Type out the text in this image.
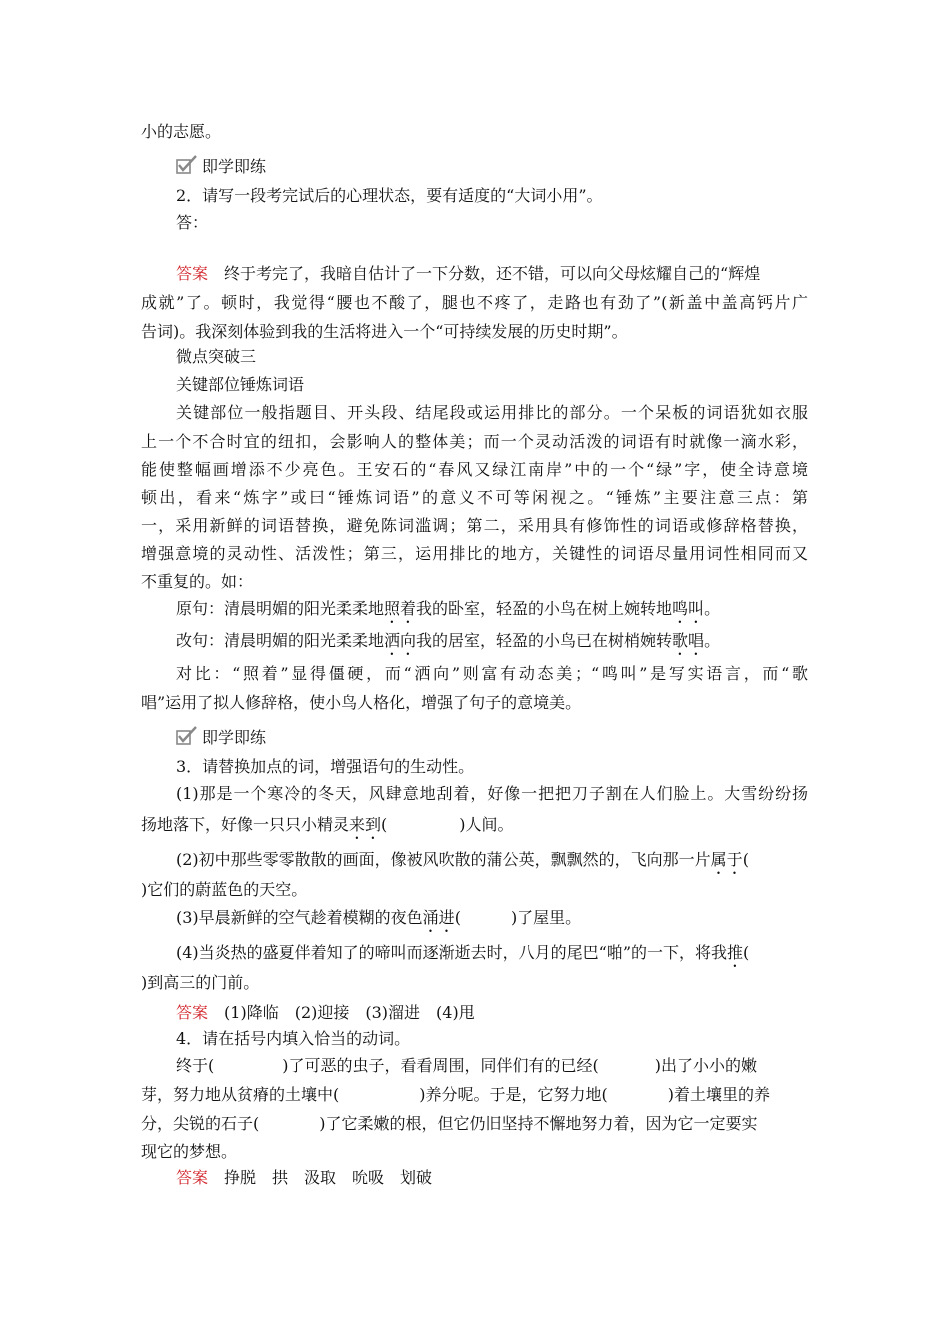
小的志愿。
即学即练
2．请写一段考完试后的心理状态，要有适度的“大词小用”。
答：
答案　 终于考完了，我暗自估计了一下分数，还不错，可以向父母炫耀自己的“辉煌
成就”了。顿时，我觉得“腰也不酸了，腿也不疼了，走路也有劲了”(新盖中盖高钙片广
告词)。我深刻体验到我的生活将进入一个“可持续发展的历史时期”。
微点突破三
关键部位锤炼词语
关键部位一般指题目、开头段、结尾段或运用排比的部分。一个呆板的词语犹如衣服
上一个不合时宜的纽扣，会影响人的整体美；而一个灵动活泼的词语有时就像一滴水彩，
能使整幅画增添不少亮色。王安石的“春风又绿江南岸”中的一个“绿”字，使全诗意境
顿出，看来“炼字”或曰“锤炼词语”的意义不可等闲视之。“锤炼”主要注意三点：第
一，采用新鲜的词语替换，避免陈词滥调；第二，采用具有修饰性的词语或修辞格替换，
增强意境的灵动性、活泼性；第三，运用排比的地方，关键性的词语尽量用词性相同而又
不重复的。如：
原句：清晨明媚的阳光柔柔地照着我的卧室，轻盈的小鸟在树上婉转地鸣叫。
改句：清晨明媚的阳光柔柔地洒向我的居室，轻盈的小鸟已在树梢婉转歌唱。
对比：“照着”显得僵硬，而“洒向”则富有动态美；“鸣叫”是写实语言，而“歌
唱”运用了拟人修辞格，使小鸟人格化，增强了句子的意境美。
即学即练
3．请替换加点的词，增强语句的生动性。
(1)那是一个寒冷的冬天，风肆意地刮着，好像一把把刀子割在人们脸上。大雪纷纷扬
扬地落下，好像一只只小精灵来到(	)人间。
(2)初中那些零零散散的画面，像被风吹散的蒲公英，飘飘然的，飞向那一片属于(
)它们的蔚蓝色的天空。
(3)早晨新鲜的空气趁着模糊的夜色涌进(	)了屋里。
(4)当炎热的盛夏伴着知了的啼叫而逐渐逝去时，八月的尾巴“啪”的一下，将我推(
)到高三的门前。
答案　 (1)降临　(2)迎接　(3)溜进　(4)甩
4．请在括号内填入恰当的动词。
终于(	)了可恶的虫子，看看周围，同伴们有的已经(	)出了小小的嫩
芽，努力地从贫瘠的土壤中(	)养分呢。于是，它努力地(	)着土壤里的养
分，尖锐的石子(	)了它柔嫩的根，但它仍旧坚持不懈地努力着，因为它一定要实
现它的梦想。
答案　 挣脱　拱　汲取　吮吸　划破
